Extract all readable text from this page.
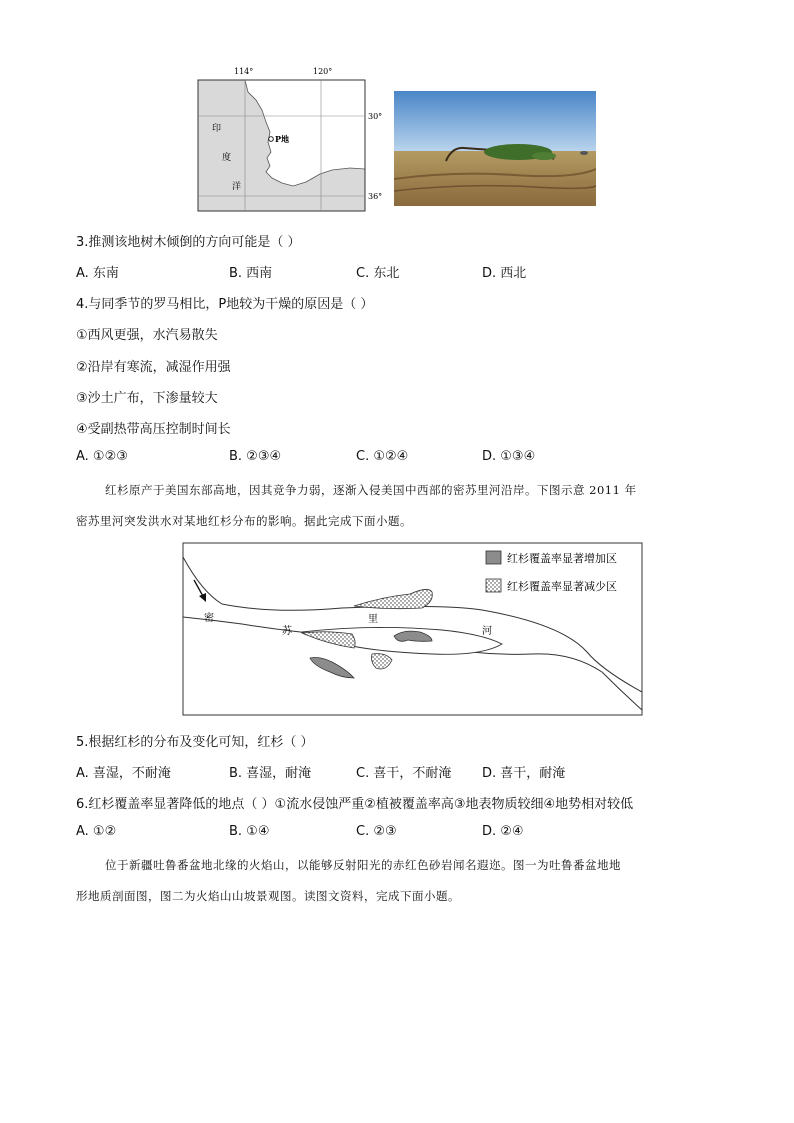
114°	120°
30°
36°
印
度
洋
P地
3.推测该地树木倾倒的方向可能是（ ）
A. 东南	B. 西南	C. 东北	D. 西北
4.与同季节的罗马相比，P地较为干燥的原因是（ ）
①西风更强，水汽易散失
②沿岸有寒流，减湿作用强
③沙土广布，下渗量较大
④受副热带高压控制时间长
A. ①②③	B. ②③④	C. ①②④	D. ①③④
红杉原产于美国东部高地，因其竞争力弱，逐渐入侵美国中西部的密苏里河沿岸。下图示意 2011 年
密苏里河突发洪水对某地红杉分布的影响。据此完成下面小题。
密
苏
里
河
红杉覆盖率显著增加区
红杉覆盖率显著减少区
5.根据红杉的分布及变化可知，红杉（ ）
A. 喜湿，不耐淹	B. 喜湿，耐淹	C. 喜干，不耐淹 D. 喜干，耐淹
6.红杉覆盖率显著降低的地点（ ）①流水侵蚀严重②植被覆盖率高③地表物质较细④地势相对较低
A. ①②	B. ①④	C. ②③	D. ②④
位于新疆吐鲁番盆地北缘的火焰山，以能够反射阳光的赤红色砂岩闻名遐迩。图一为吐鲁番盆地地
形地质剖面图，图二为火焰山山坡景观图。读图文资料，完成下面小题。
